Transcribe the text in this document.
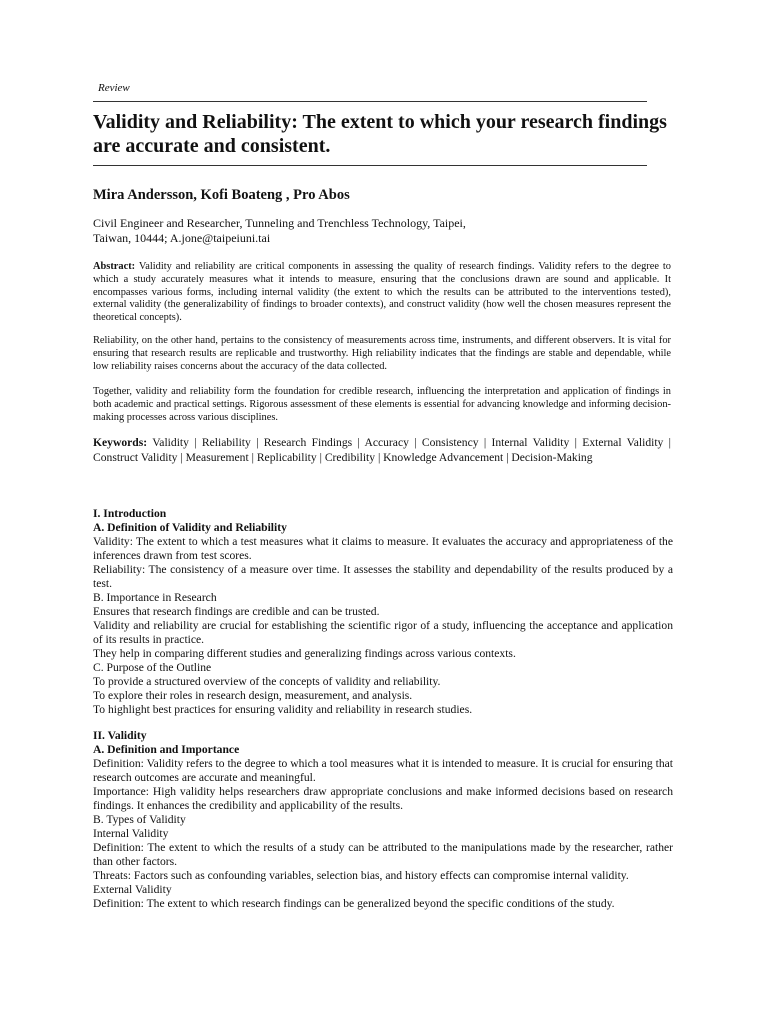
Review
Validity and Reliability: The extent to which your research findings are accurate and consistent.
Mira Andersson, Kofi Boateng , Pro Abos
Civil Engineer and Researcher, Tunneling and Trenchless Technology, Taipei,
Taiwan, 10444; A.jone@taipeiuni.tai

Abstract: Validity and reliability are critical components in assessing the quality of research findings. Validity refers to the degree to which a study accurately measures what it intends to measure, ensuring that the conclusions drawn are sound and applicable. It encompasses various forms, including internal validity (the extent to which the results can be attributed to the interventions tested), external validity (the generalizability of findings to broader contexts), and construct validity (how well the chosen measures represent the theoretical concepts).

Reliability, on the other hand, pertains to the consistency of measurements across time, instruments, and different observers. It is vital for ensuring that research results are replicable and trustworthy. High reliability indicates that the findings are stable and dependable, while low reliability raises concerns about the accuracy of the data collected.

Together, validity and reliability form the foundation for credible research, influencing the interpretation and application of findings in both academic and practical settings. Rigorous assessment of these elements is essential for advancing knowledge and informing decision-making processes across various disciplines.

Keywords: Validity | Reliability | Research Findings | Accuracy | Consistency | Internal Validity | External Validity | Construct Validity | Measurement | Replicability | Credibility | Knowledge Advancement | Decision-Making

I. Introduction

A. Definition of Validity and Reliability

Validity: The extent to which a test measures what it claims to measure. It evaluates the accuracy and appropriateness of the inferences drawn from test scores.

Reliability: The consistency of a measure over time. It assesses the stability and dependability of the results produced by a test.

B. Importance in Research

Ensures that research findings are credible and can be trusted.

Validity and reliability are crucial for establishing the scientific rigor of a study, influencing the acceptance and application of its results in practice.

They help in comparing different studies and generalizing findings across various contexts.

C. Purpose of the Outline

To provide a structured overview of the concepts of validity and reliability.

To explore their roles in research design, measurement, and analysis.

To highlight best practices for ensuring validity and reliability in research studies.

II. Validity

A. Definition and Importance

Definition: Validity refers to the degree to which a tool measures what it is intended to measure. It is crucial for ensuring that research outcomes are accurate and meaningful.

Importance: High validity helps researchers draw appropriate conclusions and make informed decisions based on research findings. It enhances the credibility and applicability of the results.

B. Types of Validity

Internal Validity

Definition: The extent to which the results of a study can be attributed to the manipulations made by the researcher, rather than other factors.

Threats: Factors such as confounding variables, selection bias, and history effects can compromise internal validity.

External Validity

Definition: The extent to which research findings can be generalized beyond the specific conditions of the study.
